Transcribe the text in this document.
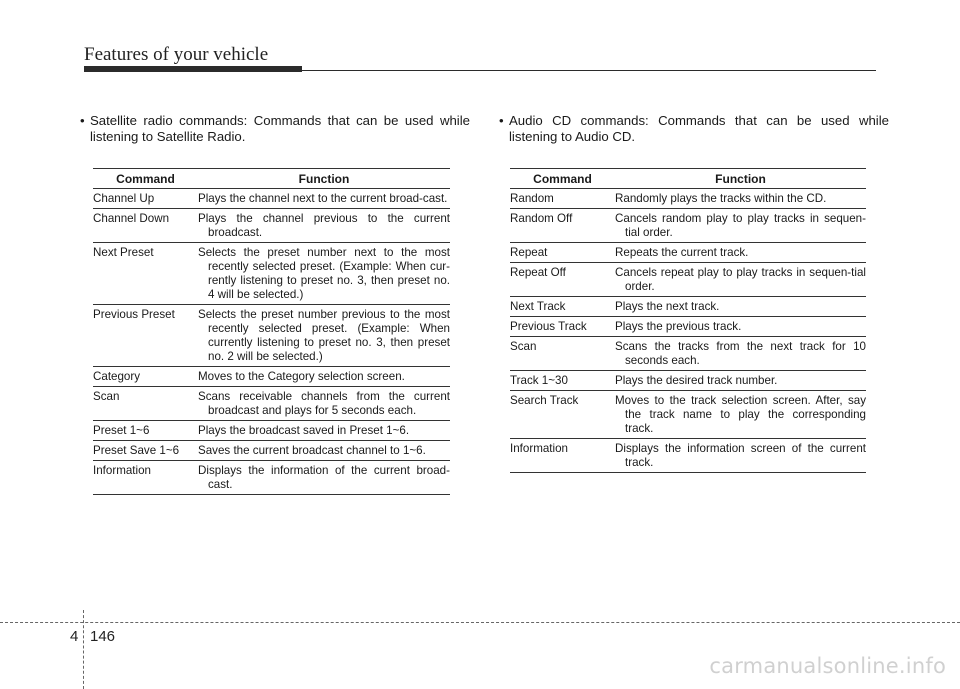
Features of your vehicle
• Satellite radio commands: Commands that can be used while listening to Satellite Radio.
Command	Function
Channel Up	Plays the channel next to the current broad-cast.

Channel Down	Plays the channel previous to the current broadcast.

Next Preset	Selects the preset number next to the most recently selected preset. (Example: When cur-rently listening to preset no. 3, then preset no. 4 will be selected.)

Previous Preset	Selects the preset number previous to the most recently selected preset. (Example: When currently listening to preset no. 3, then preset no. 2 will be selected.)

Category	Moves to the Category selection screen.

Scan	Scans receivable channels from the current broadcast and plays for 5 seconds each.

Preset 1~6	Plays the broadcast saved in Preset 1~6.

Preset Save 1~6	Saves the current broadcast channel to 1~6.

Information	Displays the information of the current broad-cast.
• Audio CD commands: Commands that can be used while listening to Audio CD.
Command	Function
Random	Randomly plays the tracks within the CD.

Random Off	Cancels random play to play tracks in sequen-tial order.

Repeat	Repeats the current track.

Repeat Off	Cancels repeat play to play tracks in sequen-tial order.

Next Track	Plays the next track.

Previous Track	Plays the previous track.

Scan	Scans the tracks from the next track for 10 seconds each.

Track 1~30	Plays the desired track number.

Search Track	Moves to the track selection screen. After, say the track name to play the corresponding track.

Information	Displays the information screen of the current track.
4 146
carmanualsonline.info
